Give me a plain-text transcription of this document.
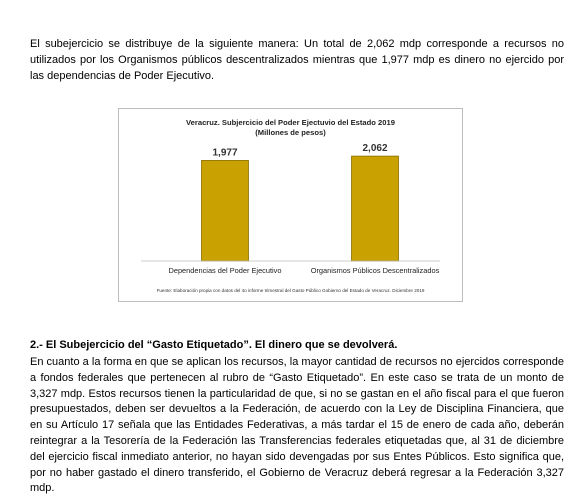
El subejercicio se distribuye de la siguiente manera: Un total de 2,062 mdp corresponde a recursos no utilizados por los Organismos públicos descentralizados mientras que 1,977 mdp es dinero no ejercido por las dependencias de Poder Ejecutivo.

Veracruz. Subjercicio del Poder Ejectuvio del Estado 2019
(Millones de pesos)
1,977
Dependencias del Poder Ejecutivo
2,062
Organismos Públicos Descentralizados
Fuente: Elaboración propia con datos del 4o informe trimestral del Gasto Público Gobierno del Estado de Veracruz. Diciembre 2019

2.- El Subejercicio del “Gasto Etiquetado”. El dinero que se devolverá.

En cuanto a la forma en que se aplican los recursos, la mayor cantidad de recursos no ejercidos corresponde a fondos federales que pertenecen al rubro de “Gasto Etiquetado”. En este caso se trata de un monto de 3,327 mdp. Estos recursos tienen la particularidad de que, si no se gastan en el año fiscal para el que fueron presupuestados, deben ser devueltos a la Federación, de acuerdo con la Ley de Disciplina Financiera, que en su Artículo 17 señala que las Entidades Federativas, a más tardar el 15 de enero de cada año, deberán reintegrar a la Tesorería de la Federación las Transferencias federales etiquetadas que, al 31 de diciembre del ejercicio fiscal inmediato anterior, no hayan sido devengadas por sus Entes Públicos. Esto significa que, por no haber gastado el dinero transferido, el Gobierno de Veracruz deberá regresar a la Federación 3,327 mdp.
